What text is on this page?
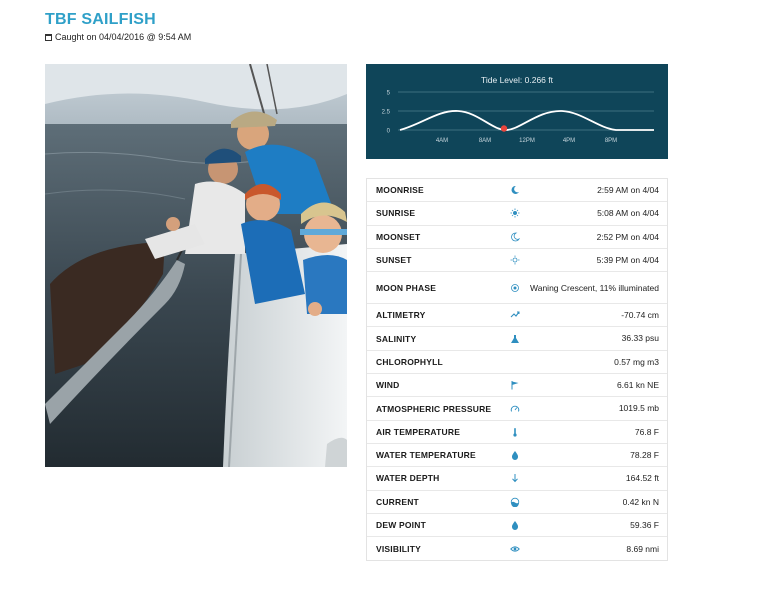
TBF SAILFISH
Caught on 04/04/2016 @ 9:54 AM
Tide Level: 0.266 ft
5
2.5
0
4AM	8AM	12PM	4PM	8PM
MOONRISE	2:59 AM on 4/04
SUNRISE	5:08 AM on 4/04
MOONSET	2:52 PM on 4/04
SUNSET	5:39 PM on 4/04
MOON PHASE	Waning Crescent, 11% illuminated
ALTIMETRY	-70.74 cm
SALINITY	36.33 psu
CHLOROPHYLL	0.57 mg m3
WIND	6.61 kn NE
ATMOSPHERIC PRESSURE	1019.5 mb
AIR TEMPERATURE	76.8 F
WATER TEMPERATURE	78.28 F
WATER DEPTH	164.52 ft
CURRENT	0.42 kn N
DEW POINT	59.36 F
VISIBILITY	8.69 nmi
